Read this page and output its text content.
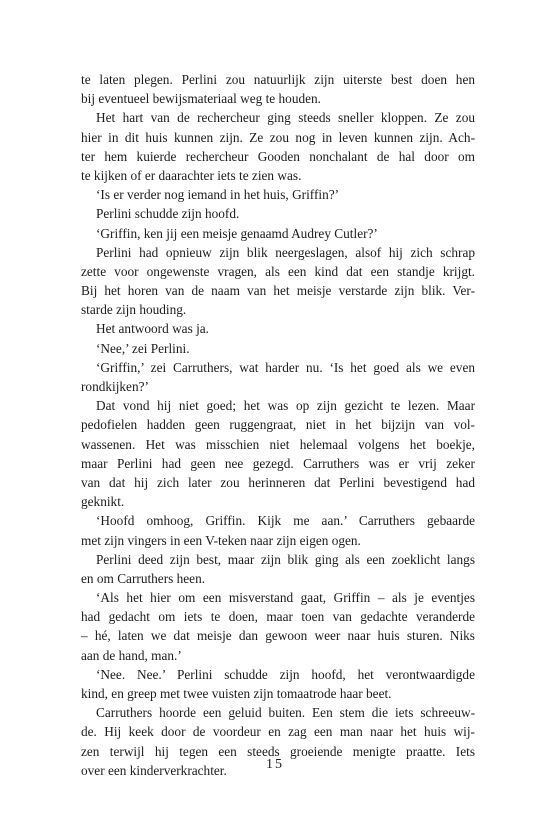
te laten plegen. Perlini zou natuurlijk zijn uiterste best doen hen
bij eventueel bewijsmateriaal weg te houden.
Het hart van de rechercheur ging steeds sneller kloppen. Ze zou
hier in dit huis kunnen zijn. Ze zou nog in leven kunnen zijn. Ach-
ter hem kuierde rechercheur Gooden nonchalant de hal door om
te kijken of er daarachter iets te zien was.
‘Is er verder nog iemand in het huis, Griffin?’
Perlini schudde zijn hoofd.
‘Griffin, ken jij een meisje genaamd Audrey Cutler?’
Perlini had opnieuw zijn blik neergeslagen, alsof hij zich schrap
zette voor ongewenste vragen, als een kind dat een standje krijgt.
Bij het horen van de naam van het meisje verstarde zijn blik. Ver-
starde zijn houding.
Het antwoord was ja.
‘Nee,’ zei Perlini.
‘Griffin,’ zei Carruthers, wat harder nu. ‘Is het goed als we even
rondkijken?’
Dat vond hij niet goed; het was op zijn gezicht te lezen. Maar
pedofielen hadden geen ruggengraat, niet in het bijzijn van vol-
wassenen. Het was misschien niet helemaal volgens het boekje,
maar Perlini had geen nee gezegd. Carruthers was er vrij zeker
van dat hij zich later zou herinneren dat Perlini bevestigend had
geknikt.
‘Hoofd omhoog, Griffin. Kijk me aan.’ Carruthers gebaarde
met zijn vingers in een V-teken naar zijn eigen ogen.
Perlini deed zijn best, maar zijn blik ging als een zoeklicht langs
en om Carruthers heen.
‘Als het hier om een misverstand gaat, Griffin – als je eventjes
had gedacht om iets te doen, maar toen van gedachte veranderde
– hé, laten we dat meisje dan gewoon weer naar huis sturen. Niks
aan de hand, man.’
‘Nee. Nee.’ Perlini schudde zijn hoofd, het verontwaardigde
kind, en greep met twee vuisten zijn tomaatrode haar beet.
Carruthers hoorde een geluid buiten. Een stem die iets schreeuw-
de. Hij keek door de voordeur en zag een man naar het huis wij-
zen terwijl hij tegen een steeds groeiende menigte praatte. Iets
over een kinderverkrachter.	15
